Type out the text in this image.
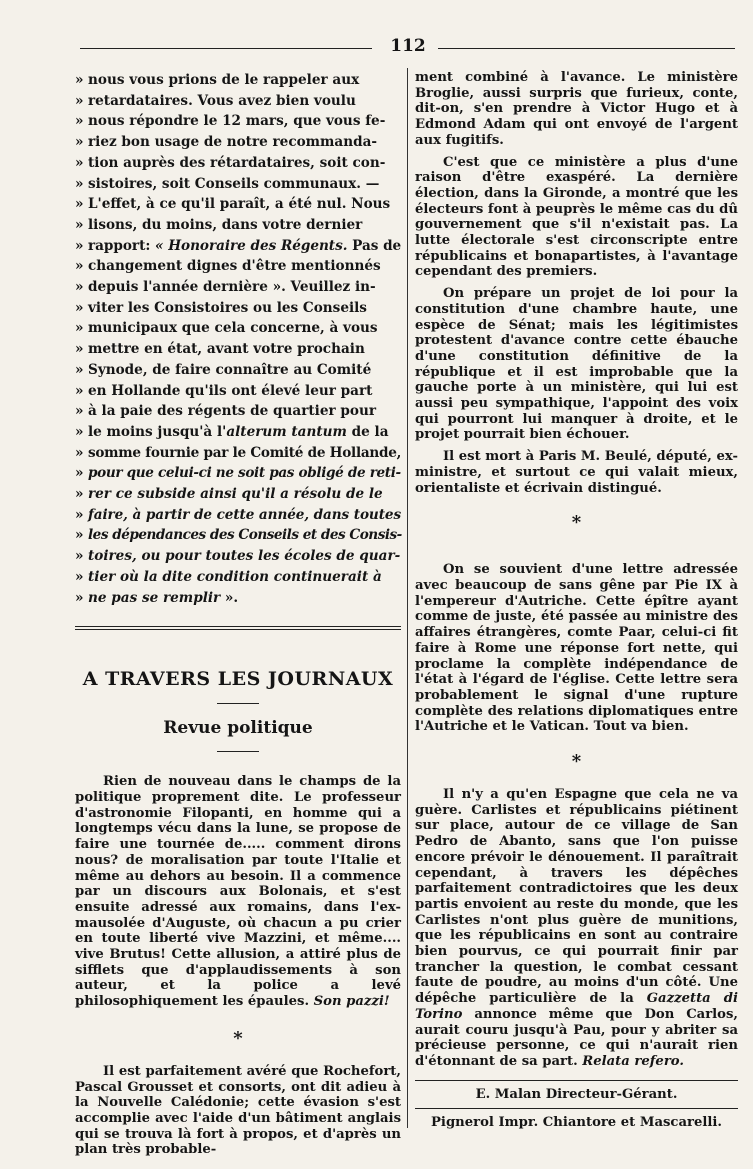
112
» nous vous prions de le rappeler aux
» retardataires. Vous avez bien voulu
» nous répondre le 12 mars, que vous fe-
» riez bon usage de notre recommanda-
» tion auprès des rétardataires, soit con-
» sistoires, soit Conseils communaux. —
» L'effet, à ce qu'il paraît, a été nul. Nous
» lisons, du moins, dans votre dernier
» rapport: « Honoraire des Régents. Pas de
» changement dignes d'être mentionnés
» depuis l'année dernière ». Veuillez in-
» viter les Consistoires ou les Conseils
» municipaux que cela concerne, à vous
» mettre en état, avant votre prochain
» Synode, de faire connaître au Comité
» en Hollande qu'ils ont élevé leur part
» à la paie des régents de quartier pour
» le moins jusqu'à l'alterum tantum de la
» somme fournie par le Comité de Hollande,
» pour que celui-ci ne soit pas obligé de reti-
» rer ce subside ainsi qu'il a résolu de le
» faire, à partir de cette année, dans toutes
» les dépendances des Conseils et des Consis-
» toires, ou pour toutes les écoles de quar-
» tier où la dite condition continuerait à
» ne pas se remplir ».
A TRAVERS LES JOURNAUX
Revue politique

Rien de nouveau dans le champs de la politique proprement dite. Le professeur d'astronomie Filopanti, en homme qui a longtemps vécu dans la lune, se propose de faire une tournée de..... comment dirons nous? de moralisation par toute l'Italie et même au dehors au besoin. Il a commence par un discours aux Bolonais, et s'est ensuite adressé aux romains, dans l'ex-mausolée d'Auguste, où chacun a pu crier en toute liberté vive Mazzini, et même.... vive Brutus! Cette allusion, a attiré plus de sifflets que d'applaudissements à son auteur, et la police a levé philosophiquement les épaules. Son pazzi!

*

Il est parfaitement avéré que Rochefort, Pascal Grousset et consorts, ont dit adieu à la Nouvelle Calédonie; cette évasion s'est accomplie avec l'aide d'un bâtiment anglais qui se trouva là fort à propos, et d'après un plan très probable-

ment combiné à l'avance. Le ministère Broglie, aussi surpris que furieux, conte, dit-on, s'en prendre à Victor Hugo et à Edmond Adam qui ont envoyé de l'argent aux fugitifs.

C'est que ce ministère a plus d'une raison d'être exaspéré. La dernière élection, dans la Gironde, a montré que les électeurs font à peuprès le même cas du dû gouvernement que s'il n'existait pas. La lutte électorale s'est circonscripte entre républicains et bonapartistes, à l'avantage cependant des premiers.

On prépare un projet de loi pour la constitution d'une chambre haute, une espèce de Sénat; mais les légitimistes protestent d'avance contre cette ébauche d'une constitution définitive de la république et il est improbable que la gauche porte à un ministère, qui lui est aussi peu sympathique, l'appoint des voix qui pourront lui manquer à droite, et le projet pourrait bien échouer.

Il est mort à Paris M. Beulé, député, ex-ministre, et surtout ce qui valait mieux, orientaliste et écrivain distingué.

*

On se souvient d'une lettre adressée avec beaucoup de sans gêne par Pie IX à l'empereur d'Autriche. Cette épître ayant comme de juste, été passée au ministre des affaires étrangères, comte Paar, celui-ci fit faire à Rome une réponse fort nette, qui proclame la complète indépendance de l'état à l'égard de l'église. Cette lettre sera probablement le signal d'une rupture complète des relations diplomatiques entre l'Autriche et le Vatican. Tout va bien.

*

Il n'y a qu'en Espagne que cela ne va guère. Carlistes et républicains piétinent sur place, autour de ce village de San Pedro de Abanto, sans que l'on puisse encore prévoir le dénouement. Il paraîtrait cependant, à travers les dépêches parfaitement contradictoires que les deux partis envoient au reste du monde, que les Carlistes n'ont plus guère de munitions, que les républicains en sont au contraire bien pourvus, ce qui pourrait finir par trancher la question, le combat cessant faute de poudre, au moins d'un côté. Une dépêche particulière de la Gazzetta di Torino annonce même que Don Carlos, aurait couru jusqu'à Pau, pour y abriter sa précieuse personne, ce qui n'aurait rien d'étonnant de sa part. Relata refero.

E. Malan Directeur-Gérant.
Pignerol Impr. Chiantore et Mascarelli.
